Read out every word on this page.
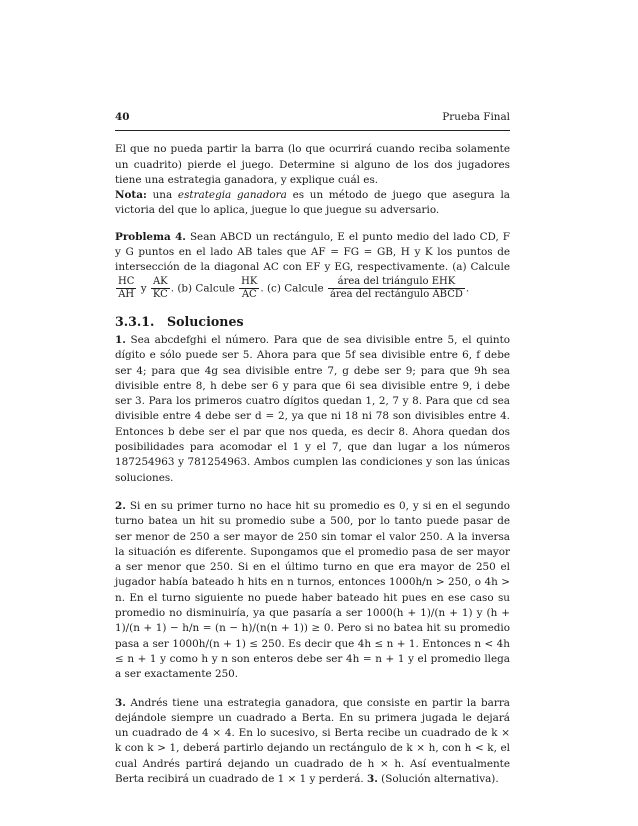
40	Prueba Final

El que no pueda partir la barra (lo que ocurrirá cuando reciba solamente un cuadrito) pierde el juego. Determine si alguno de los dos jugadores tiene una estrategia ganadora, y explique cuál es.

Nota: una estrategia ganadora es un método de juego que asegura la victoria del que lo aplica, juegue lo que juegue su adversario.

Problema 4. Sean ABCD un rectángulo, E el punto medio del lado CD, F y G puntos en el lado AB tales que AF = FG = GB, H y K los puntos de intersección de la diagonal AC con EF y EG, respectivamente. (a) Calcule
$\frac{HC}{AH}$ y $\frac{AK}{KC}$ . (b) Calcule $\frac{HK}{AC}$ . (c) Calcule $\frac{\text{área del triángulo EHK}}{\text{área del rectángulo ABCD}}$ .

3.3.1. Soluciones

1. Sea abcdefghi el número. Para que de sea divisible entre 5, el quinto dígito e sólo puede ser 5. Ahora para que 5f sea divisible entre 6, f debe ser 4; para que 4g sea divisible entre 7, g debe ser 9; para que 9h sea divisible entre 8, h debe ser 6 y para que 6i sea divisible entre 9, i debe ser 3. Para los primeros cuatro dígitos quedan 1, 2, 7 y 8. Para que cd sea divisible entre 4 debe ser d = 2, ya que ni 18 ni 78 son divisibles entre 4. Entonces b debe ser el par que nos queda, es decir 8. Ahora quedan dos posibilidades para acomodar el 1 y el 7, que dan lugar a los números 187254963 y 781254963. Ambos cumplen las condiciones y son las únicas soluciones.

2. Si en su primer turno no hace hit su promedio es 0, y si en el segundo turno batea un hit su promedio sube a 500, por lo tanto puede pasar de ser menor de 250 a ser mayor de 250 sin tomar el valor 250. A la inversa la situación es diferente. Supongamos que el promedio pasa de ser mayor a ser menor que 250. Si en el último turno en que era mayor de 250 el jugador había bateado h hits en n turnos, entonces 1000h/n > 250, o 4h > n. En el turno siguiente no puede haber bateado hit pues en ese caso su promedio no disminuiría, ya que pasaría a ser 1000(h + 1)/(n + 1) y (h + 1)/(n + 1) − h/n = (n − h)/(n(n + 1)) ≥ 0. Pero si no batea hit su promedio pasa a ser 1000h/(n + 1) ≤ 250. Es decir que 4h ≤ n + 1. Entonces n < 4h ≤ n + 1 y como h y n son enteros debe ser 4h = n + 1 y el promedio llega a ser exactamente 250.

3. Andrés tiene una estrategia ganadora, que consiste en partir la barra dejándole siempre un cuadrado a Berta. En su primera jugada le dejará un cuadrado de 4 × 4. En lo sucesivo, si Berta recibe un cuadrado de k × k con k > 1, deberá partirlo dejando un rectángulo de k × h, con h < k, el cual Andrés partirá dejando un cuadrado de h × h. Así eventualmente Berta recibirá un cuadrado de 1 × 1 y perderá. 3. (Solución alternativa).
